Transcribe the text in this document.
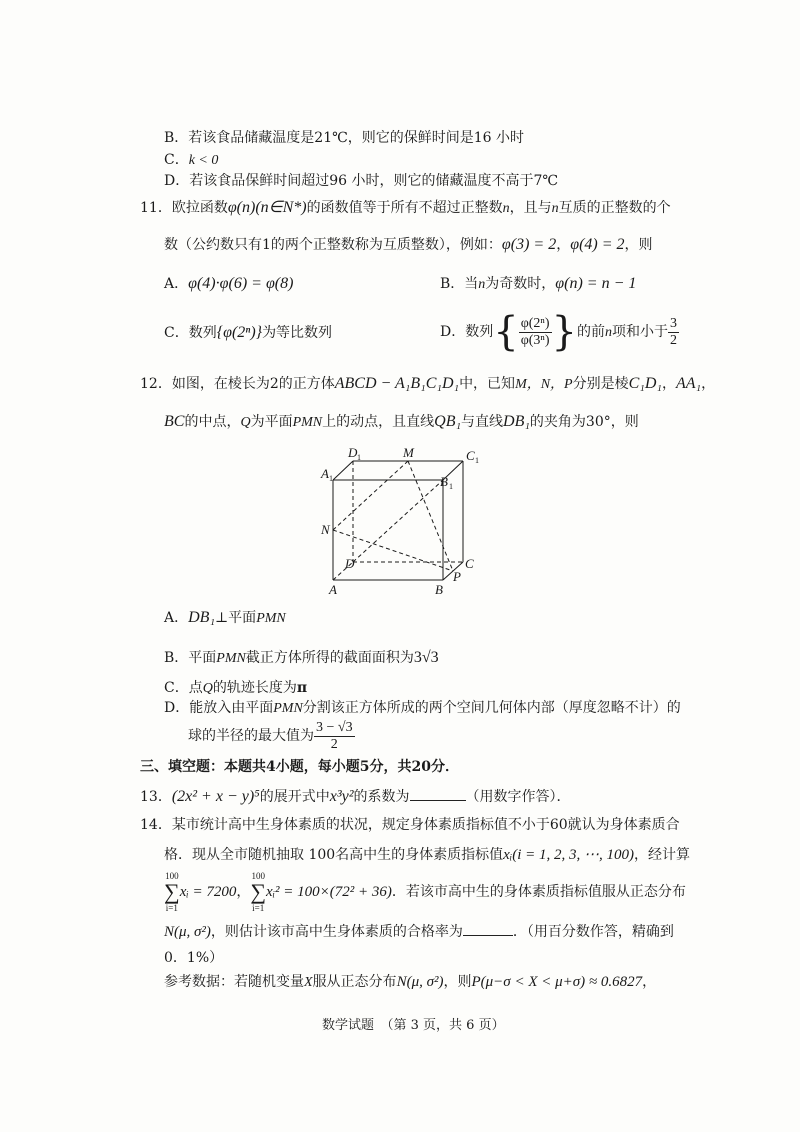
B．若该食品储藏温度是21℃，则它的保鲜时间是16 小时
C．k < 0
D．若该食品保鲜时间超过96 小时，则它的储藏温度不高于7℃
11．欧拉函数φ(n)(n∈N*)的函数值等于所有不超过正整数n，且与n互质的正整数的个
数（公约数只有1的两个正整数称为互质整数），例如：φ(3) = 2，φ(4) = 2，则
A．φ(4)·φ(6) = φ(8)	B．当n为奇数时，φ(n) = n − 1
C．数列{φ(2ⁿ)}为等比数列	D．数列{ $\frac{\text{φ(2ⁿ)}}{\text{φ(3ⁿ)}}$ }的前n项和小于 $\frac{3}{2}$
12．如图，在棱长为2的正方体ABCD − A₁B₁C₁D₁中，已知M，N，P分别是棱C₁D₁，AA₁，
BC的中点，Q为平面PMN上的动点，且直线QB₁与直线DB₁的夹角为30°，则
D 1	M	C 1
A 1	B 1
N
D	C
A	B
P
A．DB₁⊥平面PMN
B．平面PMN截正方体所得的截面面积为3√3
C．点Q的轨迹长度为π
D．能放入由平面PMN分割该正方体所成的两个空间几何体内部（厚度忽略不计）的
球的半径的最大值为 $\frac{3 - √3}{2}$
三、填空题：本题共4小题，每小题5分，共20分．
13．(2x² + x − y)⁵的展开式中x³y²的系数为	（用数字作答）．
14．某市统计高中生身体素质的状况，规定身体素质指标值不小于60就认为身体素质合
格．现从全市随机抽取 100名高中生的身体素质指标值xᵢ(i = 1, 2, 3, ⋯, 100)，经计算
100
∑
i=1
xᵢ = 7200，
100
∑
i=1
xᵢ² = 100×(72² + 36)．若该市高中生的身体素质指标值服从正态分布
N(μ, σ²)，则估计该市高中生身体素质的合格率为	．（用百分数作答，精确到
0．1%）
参考数据：若随机变量X服从正态分布N(μ, σ²)，则P(μ−σ < X < μ+σ) ≈ 0.6827，
数学试题　（第 3 页，共 6 页）
